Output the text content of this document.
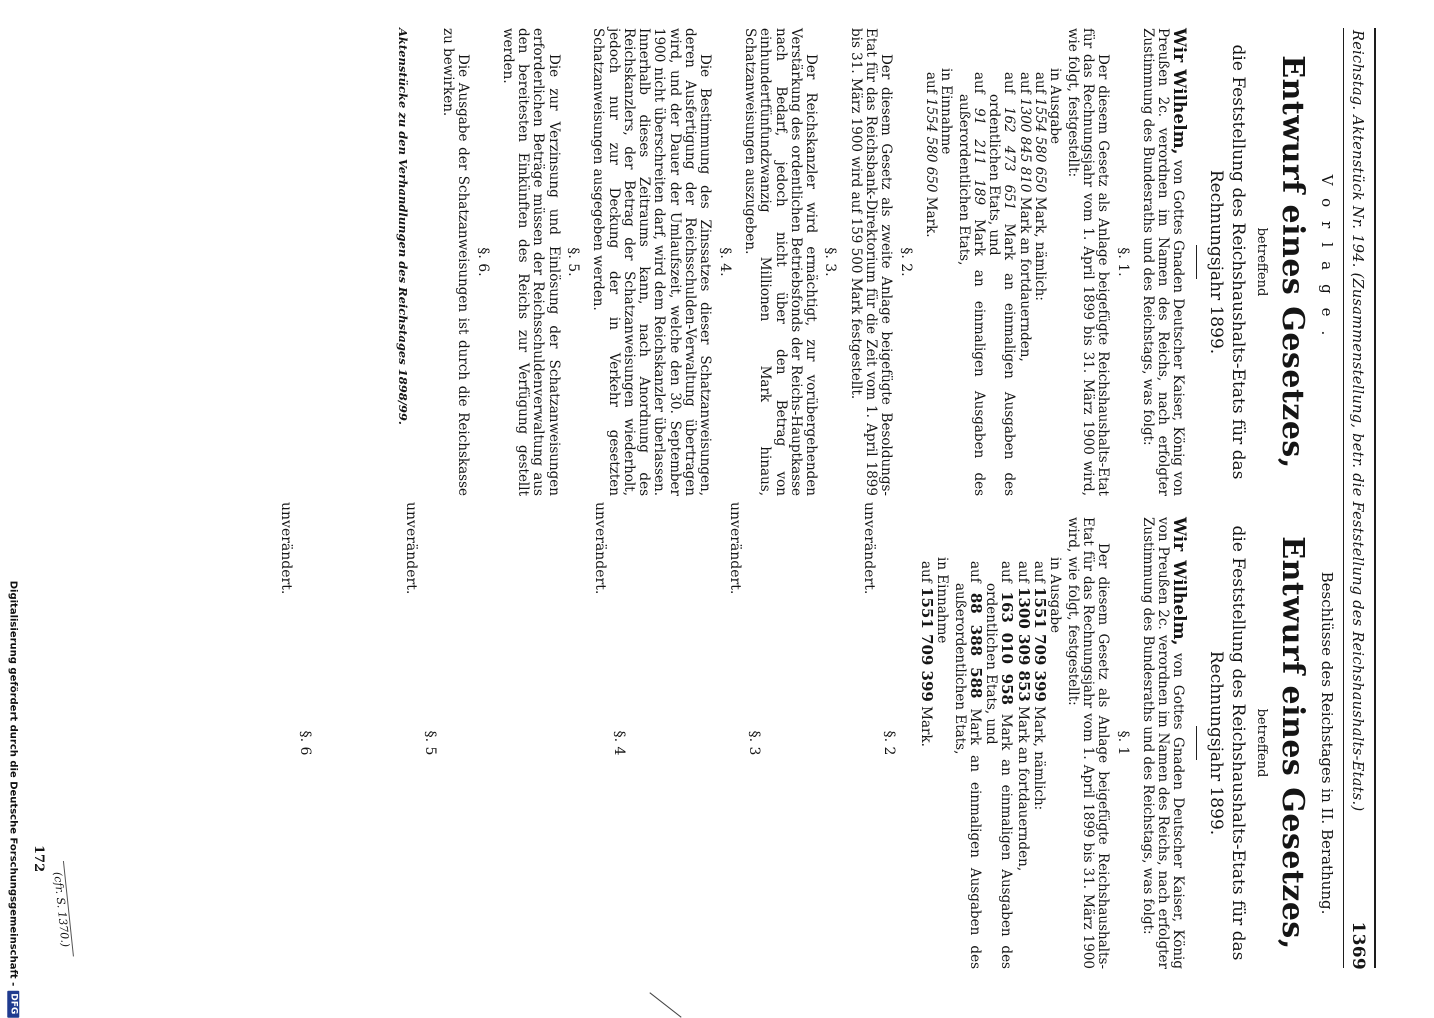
Reichstag. Aktenstück Nr. 194. (Zusammenstellung, betr. die Feststellung des Reichshaushalts-Etats.)
1369
Vorlage.
Entwurf eines Gesetzes,
betreffend
die Feststellung des Reichshaushalts-Etats für das Rechnungsjahr 1899.

Wir Wilhelm, von Gottes Gnaden Deutscher Kaiser, König von Preußen 2c. verordnen im Namen des Reichs, nach erfolgter Zustimmung des Bundesraths und des Reichstags, was folgt:

§. 1.

Der diesem Gesetz als Anlage beigefügte Reichshaushalts-Etat für das Rechnungsjahr vom 1. April 1899 bis 31. März 1900 wird, wie folgt, festgestellt:

in Ausgabe
auf 1554 580 650 Mark, nämlich:
auf 1300 845 810 Mark an fortdauernden,
auf 162 473 651 Mark an einmaligen Ausgaben des ordentlichen Etats, und
auf 91 211 189 Mark an einmaligen Ausgaben des außerordentlichen Etats,
in Einnahme
auf 1554 580 650 Mark.
§. 2.

Der diesem Gesetz als zweite Anlage beigefügte Besoldungs-Etat für das Reichsbank-Direktorium für die Zeit vom 1. April 1899 bis 31. März 1900 wird auf 159 500 Mark festgestellt.

§. 3.

Der Reichskanzler wird ermächtigt, zur vorübergehenden Verstärkung des ordentlichen Betriebsfonds der Reichs-Hauptkasse nach Bedarf, jedoch nicht über den Betrag von einhundertfünfundzwanzig Millionen Mark hinaus, Schatzanweisungen auszugeben.

§. 4.

Die Bestimmung des Zinssatzes dieser Schatzanweisungen, deren Ausfertigung der Reichsschulden-Verwaltung übertragen wird, und der Dauer der Umlaufszeit, welche den 30. September 1900 nicht überschreiten darf, wird dem Reichskanzler überlassen. Innerhalb dieses Zeitraums kann, nach Anordnung des Reichskanzlers, der Betrag der Schatzanweisungen wiederholt, jedoch nur zur Deckung der in Verkehr gesetzten Schatzanweisungen ausgegeben werden.

§. 5.

Die zur Verzinsung und Einlösung der Schatzanweisungen erforderlichen Beträge müssen der Reichsschuldenverwaltung aus den bereitesten Einkünften des Reichs zur Verfügung gestellt werden.

§. 6.

Die Ausgabe der Schatzanweisungen ist durch die Reichskasse zu bewirken.

Aktenstücke zu den Verhandlungen des Reichstages 1898/99.
Beschlüsse des Reichstages in II. Berathung.
Entwurf eines Gesetzes,
betreffend
die Feststellung des Reichshaushalts-Etats für das Rechnungsjahr 1899.

Wir Wilhelm, von Gottes Gnaden Deutscher Kaiser, König von Preußen 2c. verordnen im Namen des Reichs, nach erfolgter Zustimmung des Bundesraths und des Reichstags, was folgt:

§. 1

Der diesem Gesetz als Anlage beigefügte Reichshaushalts-Etat für das Rechnungsjahr vom 1. April 1899 bis 31. März 1900 wird, wie folgt, festgestellt:

in Ausgabe
auf 1551 709 399 Mark, nämlich:
auf 1300 309 853 Mark an fortdauernden,
auf 163 010 958 Mark an einmaligen Ausgaben des ordentlichen Etats, und
auf 88 388 588 Mark an einmaligen Ausgaben des außerordentlichen Etats,
in Einnahme
auf 1551 709 399 Mark.
§. 2
unverändert.
§. 3
unverändert.
§. 4
unverändert.
§. 5
unverändert.
§. 6
unverändert.
(cfr. S. 1370.)
172
Digitalisierung gefördert durch die Deutsche Forschungsgemeinschaft -
DFG
